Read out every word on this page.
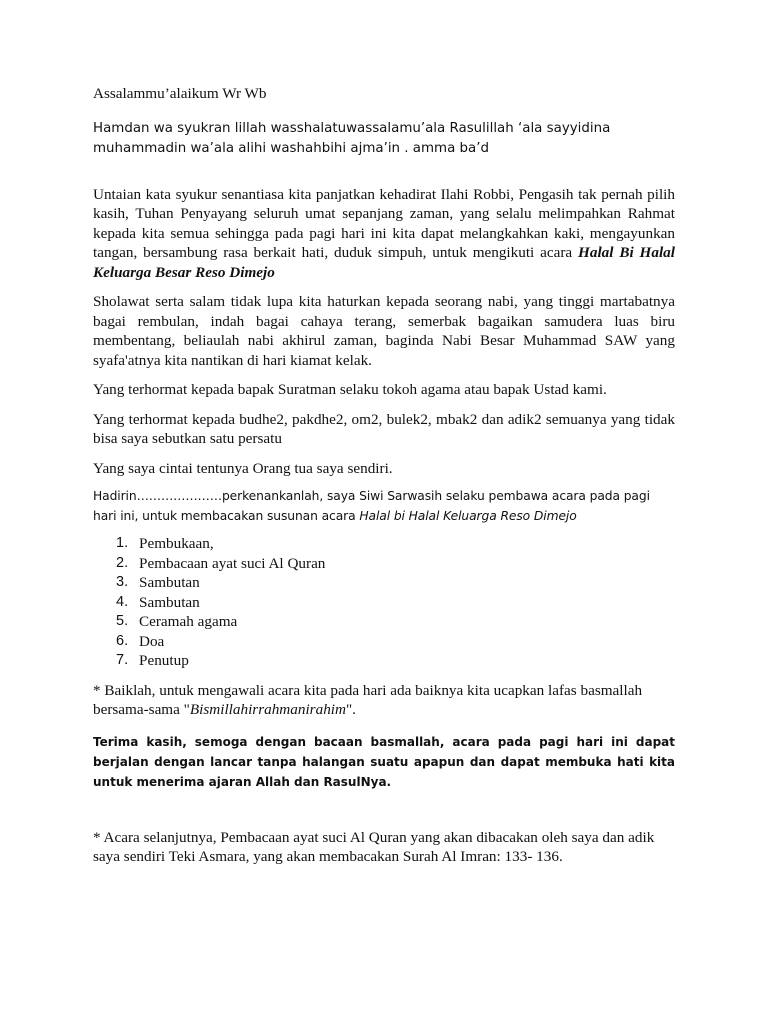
Assalammu’alaikum Wr Wb

Hamdan wa syukran lillah wasshalatuwassalamu’ala Rasulillah ‘ala sayyidina muhammadin wa’ala alihi washahbihi ajma’in . amma ba’d

Untaian kata syukur senantiasa kita panjatkan kehadirat Ilahi Robbi, Pengasih tak pernah pilih kasih, Tuhan Penyayang seluruh umat sepanjang zaman, yang selalu melimpahkan Rahmat kepada kita semua sehingga pada pagi hari ini kita dapat melangkahkan kaki, mengayunkan tangan, bersambung rasa berkait hati, duduk simpuh, untuk mengikuti acara Halal Bi Halal Keluarga Besar Reso Dimejo

Sholawat serta salam tidak lupa kita haturkan kepada seorang nabi, yang tinggi martabatnya bagai rembulan, indah bagai cahaya terang, semerbak bagaikan samudera luas biru membentang, beliaulah nabi akhirul zaman, baginda Nabi Besar Muhammad SAW yang syafa'atnya kita nantikan di hari kiamat kelak.

Yang terhormat kepada bapak Suratman selaku tokoh agama atau bapak Ustad kami.

Yang terhormat kepada budhe2, pakdhe2, om2, bulek2, mbak2 dan adik2 semuanya yang tidak bisa saya sebutkan satu persatu

Yang saya cintai tentunya Orang tua saya sendiri.

Hadirin…………………perkenankanlah, saya Siwi Sarwasih selaku pembawa acara pada pagi hari ini, untuk membacakan susunan acara Halal bi Halal Keluarga Reso Dimejo

1. Pembukaan,
2. Pembacaan ayat suci Al Quran
3. Sambutan
4. Sambutan
5. Ceramah agama
6. Doa
7. Penutup

* Baiklah, untuk mengawali acara kita pada hari ada baiknya kita ucapkan lafas basmallah bersama-sama "Bismillahirrahmanirahim".

Terima kasih, semoga dengan bacaan basmallah, acara pada pagi hari ini dapat berjalan dengan lancar tanpa halangan suatu apapun dan dapat membuka hati kita untuk menerima ajaran Allah dan RasulNya.

* Acara selanjutnya, Pembacaan ayat suci Al Quran yang akan dibacakan oleh saya dan adik saya sendiri Teki Asmara, yang akan membacakan Surah Al Imran: 133- 136.
